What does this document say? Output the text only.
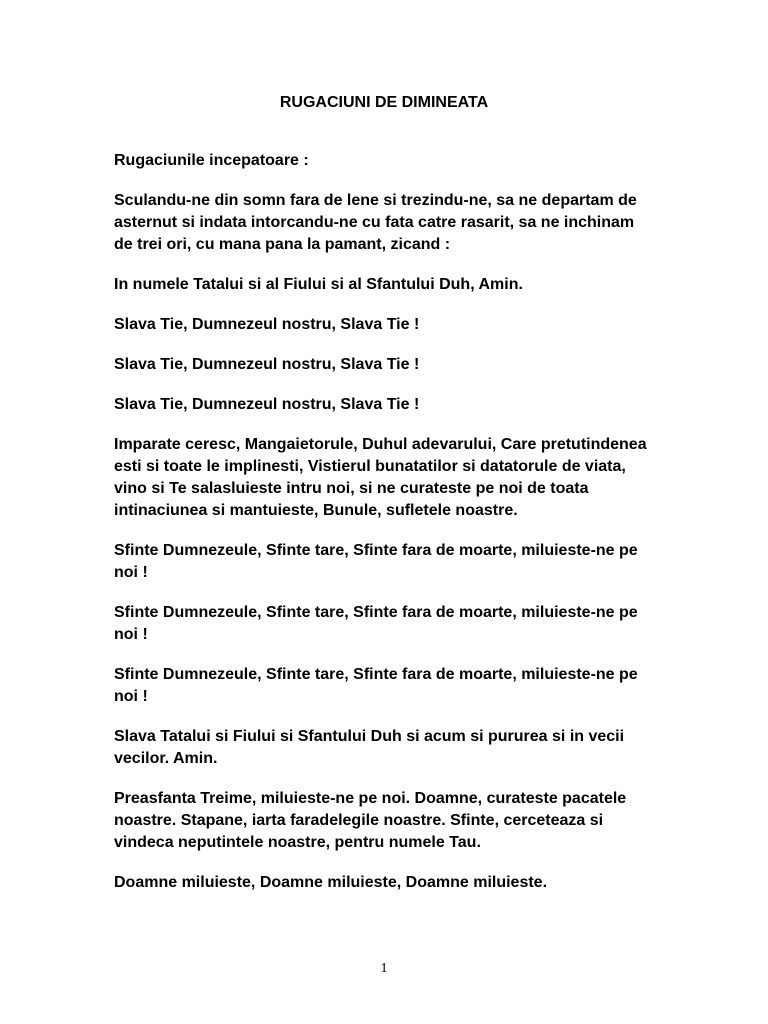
RUGACIUNI DE DIMINEATA

Rugaciunile incepatoare :

Sculandu-ne din somn fara de lene si trezindu-ne, sa ne departam de asternut si indata intorcandu-ne cu fata catre rasarit, sa ne inchinam de trei ori, cu mana pana la pamant, zicand :

In numele Tatalui si al Fiului si al Sfantului Duh, Amin.

Slava Tie, Dumnezeul nostru, Slava Tie !

Slava Tie, Dumnezeul nostru, Slava Tie !

Slava Tie, Dumnezeul nostru, Slava Tie !

Imparate ceresc, Mangaietorule, Duhul adevarului, Care pretutindenea esti si toate le implinesti, Vistierul bunatatilor si datatorule de viata, vino si Te salasluieste intru noi, si ne curateste pe noi de toata intinaciunea si mantuieste, Bunule, sufletele noastre.

Sfinte Dumnezeule, Sfinte tare, Sfinte fara de moarte, miluieste-ne pe noi !

Sfinte Dumnezeule, Sfinte tare, Sfinte fara de moarte, miluieste-ne pe noi !

Sfinte Dumnezeule, Sfinte tare, Sfinte fara de moarte, miluieste-ne pe noi !

Slava Tatalui si Fiului si Sfantului Duh si acum si pururea si in vecii vecilor. Amin.

Preasfanta Treime, miluieste-ne pe noi. Doamne, curateste pacatele noastre. Stapane, iarta faradelegile noastre. Sfinte, cerceteaza si vindeca neputintele noastre, pentru numele Tau.

Doamne miluieste, Doamne miluieste, Doamne miluieste.

1
